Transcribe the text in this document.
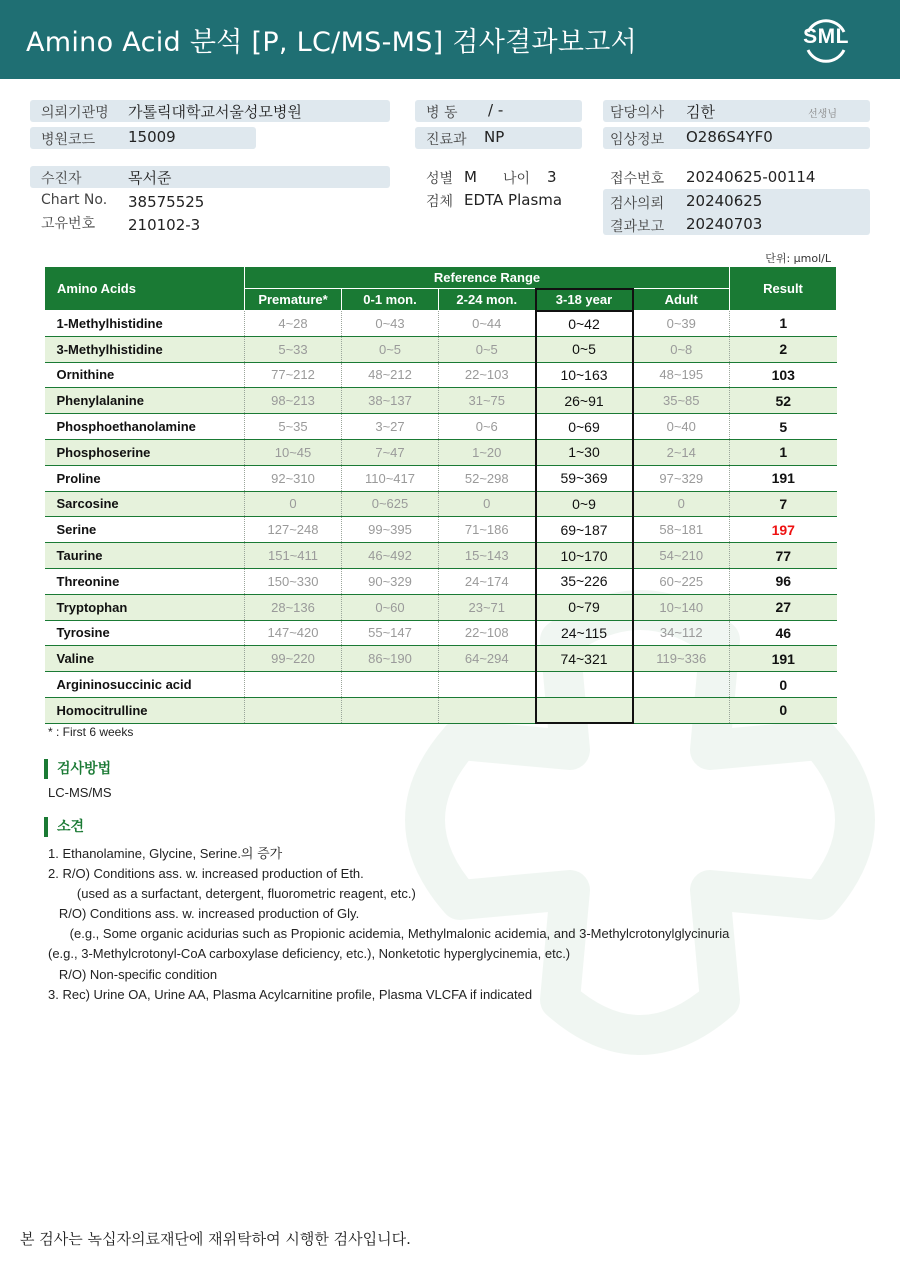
Amino Acid 분석 [P, LC/MS-MS] 검사결과보고서	SML
의뢰기관명 가톨릭대학교서울성모병원
병원코드 15009
병 동 / -
진료과 NP
담당의사 김한	선생님
임상정보 O286S4YF0
수진자	목서준
Chart No. 38575525
고유번호 210102-3
성별 M 나이 3
검체 EDTA Plasma
접수번호 20240625-00114
검사의뢰 20240625
결과보고 20240703
단위: μmol/L
Amino Acids	Reference Range					Result
	Premature*	0-1 mon.	2-24 mon.	3-18 year	Adult	
1-Methylhistidine	4~28	0~43	0~44	0~42	0~39	1
3-Methylhistidine	5~33	0~5	0~5	0~5	0~8	2
Ornithine	77~212	48~212	22~103	10~163	48~195	103
Phenylalanine	98~213	38~137	31~75	26~91	35~85	52
Phosphoethanolamine	5~35	3~27	0~6	0~69	0~40	5
Phosphoserine	10~45	7~47	1~20	1~30	2~14	1
Proline	92~310	110~417	52~298	59~369	97~329	191
Sarcosine	0	0~625	0	0~9	0	7
Serine	127~248	99~395	71~186	69~187	58~181	197
Taurine	151~411	46~492	15~143	10~170	54~210	77
Threonine	150~330	90~329	24~174	35~226	60~225	96
Tryptophan	28~136	0~60	23~71	0~79	10~140	27
Tyrosine	147~420	55~147	22~108	24~115	34~112	46
Valine	99~220	86~190	64~294	74~321	119~336	191
Argininosuccinic acid						0
Homocitrulline						0
* : First 6 weeks
검사방법
LC-MS/MS
소견
1. Ethanolamine, Glycine, Serine.의 증가
2. R/O) Conditions ass. w. increased production of Eth.
(used as a surfactant, detergent, fluorometric reagent, etc.)
R/O) Conditions ass. w. increased production of Gly.
(e.g., Some organic acidurias such as Propionic acidemia, Methylmalonic acidemia, and 3-Methylcrotonylglycinuria
(e.g., 3-Methylcrotonyl-CoA carboxylase deficiency, etc.), Nonketotic hyperglycinemia, etc.)
R/O) Non-specific condition
3. Rec) Urine OA, Urine AA, Plasma Acylcarnitine profile, Plasma VLCFA if indicated
본 검사는 녹십자의료재단에 재위탁하여 시행한 검사입니다.
